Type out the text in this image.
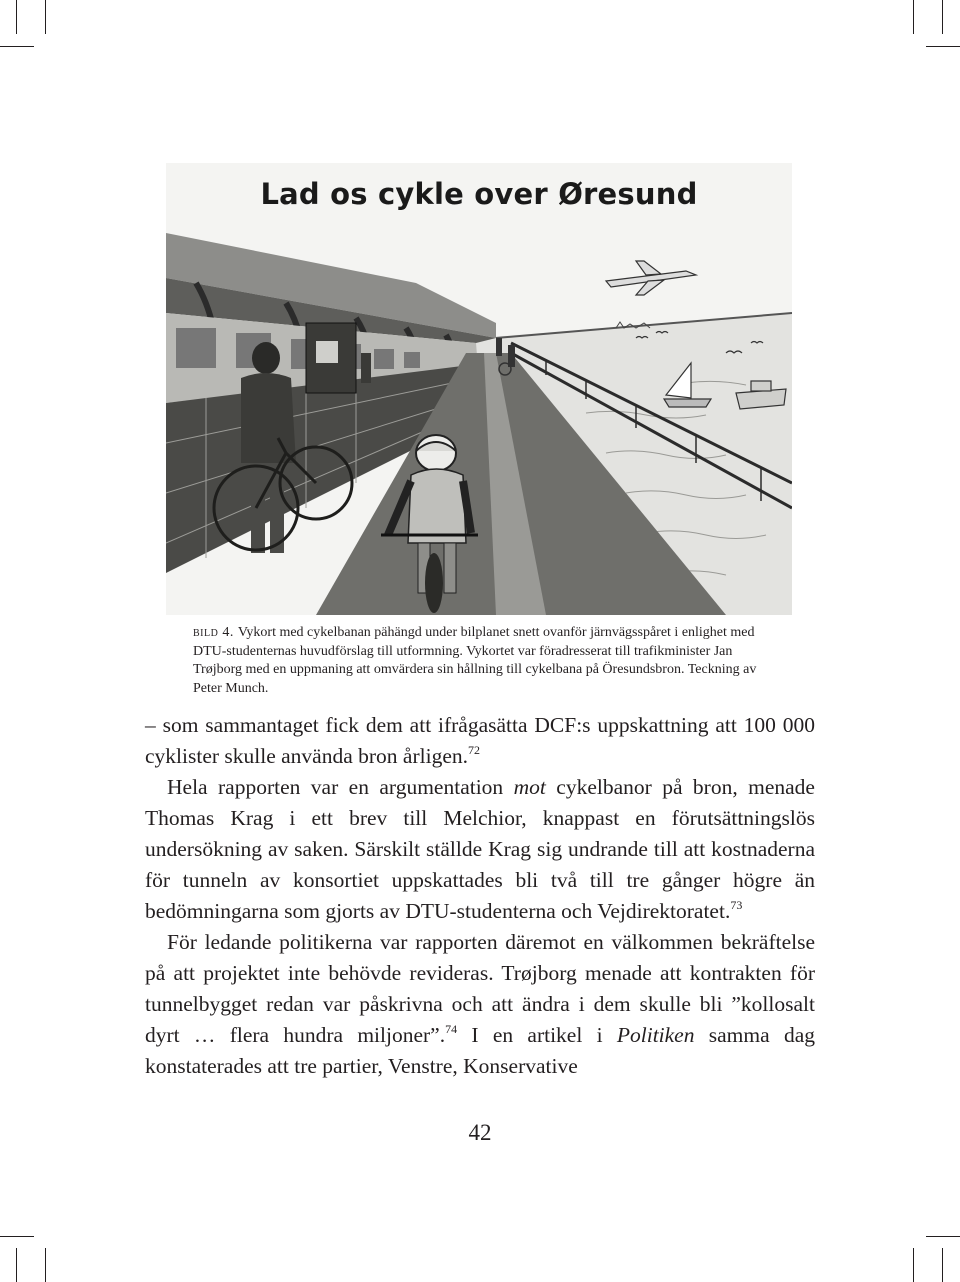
Lad os cykle over Øresund
bild 4. Vykort med cykelbanan pähängd under bilplanet snett ovanför järnvägsspåret i enlighet med DTU-studenternas huvudförslag till utformning. Vykortet var föradresserat till trafikminister Jan Trøjborg med en uppmaning att omvärdera sin hållning till cykelbana på Öresundsbron. Teckning av Peter Munch.

– som sammantaget fick dem att ifrågasätta DCF:s uppskattning att 100 000 cyklister skulle använda bron årligen.$^{72}$

Hela rapporten var en argumentation mot cykelbanor på bron, menade Thomas Krag i ett brev till Melchior, knappast en förutsättningslös undersökning av saken. Särskilt ställde Krag sig undrande till att kostnaderna för tunneln av konsortiet uppskattades bli två till tre gånger högre än bedömningarna som gjorts av DTU-studenterna och Vejdirektoratet.$^{73}$

För ledande politikerna var rapporten däremot en välkommen bekräftelse på att projektet inte behövde revideras. Trøjborg menade att kontrakten för tunnelbygget redan var påskrivna och att ändra i dem skulle bli ”kollosalt dyrt … flera hundra miljoner”.$^{74}$ I en artikel i Politiken samma dag konstaterades att tre partier, Venstre, Konservative

42
